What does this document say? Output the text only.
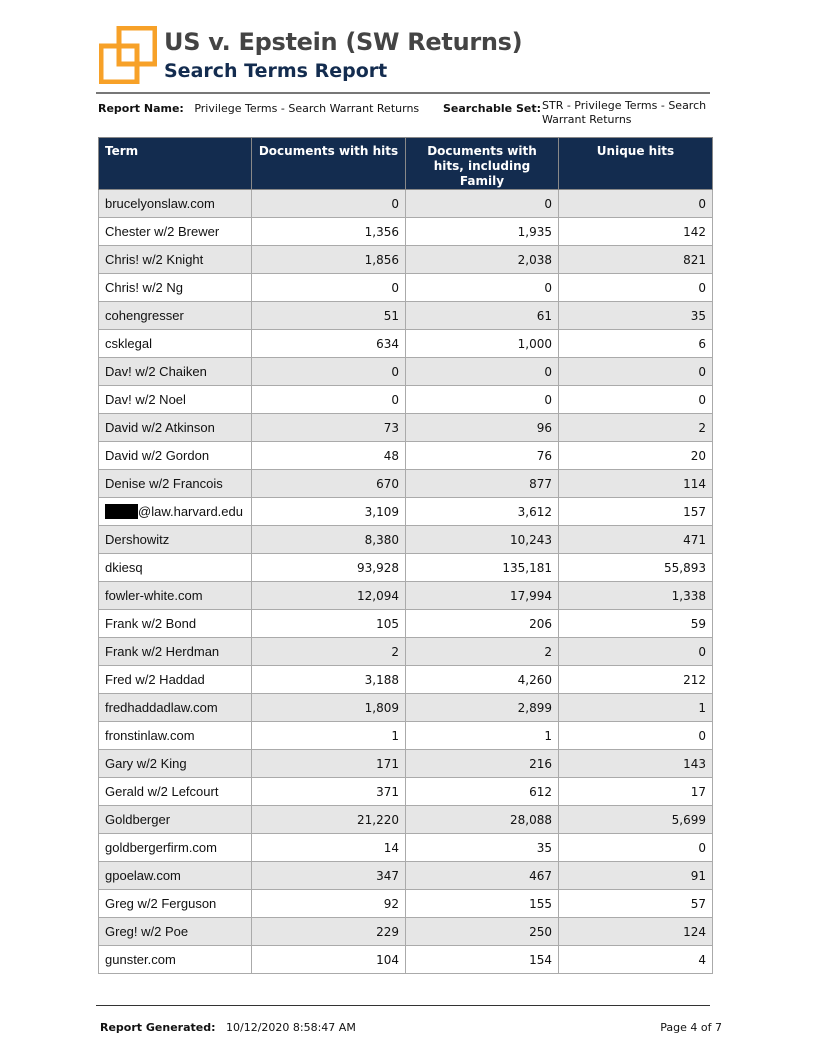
US v. Epstein (SW Returns)
Search Terms Report
Report Name: Privilege Terms - Search Warrant Returns Searchable Set: STR - Privilege Terms - Search Warrant Returns
Term	Documents with hits	Documents with hits, including Family	Unique hits
brucelyonslaw.com	0	0	0
Chester w/2 Brewer	1,356	1,935	142
Chris! w/2 Knight	1,856	2,038	821
Chris! w/2 Ng	0	0	0
cohengresser	51	61	35
csklegal	634	1,000	6
Dav! w/2 Chaiken	0	0	0
Dav! w/2 Noel	0	0	0
David w/2 Atkinson	73	96	2
David w/2 Gordon	48	76	20
Denise w/2 Francois	670	877	114
@law.harvard.edu	3,109	3,612	157
Dershowitz	8,380	10,243	471
dkiesq	93,928	135,181	55,893
fowler-white.com	12,094	17,994	1,338
Frank w/2 Bond	105	206	59
Frank w/2 Herdman	2	2	0
Fred w/2 Haddad	3,188	4,260	212
fredhaddadlaw.com	1,809	2,899	1
fronstinlaw.com	1	1	0
Gary w/2 King	171	216	143
Gerald w/2 Lefcourt	371	612	17
Goldberger	21,220	28,088	5,699
goldbergerfirm.com	14	35	0
gpoelaw.com	347	467	91
Greg w/2 Ferguson	92	155	57
Greg! w/2 Poe	229	250	124
gunster.com	104	154	4
Report Generated: 10/12/2020 8:58:47 AM	Page 4 of 7
